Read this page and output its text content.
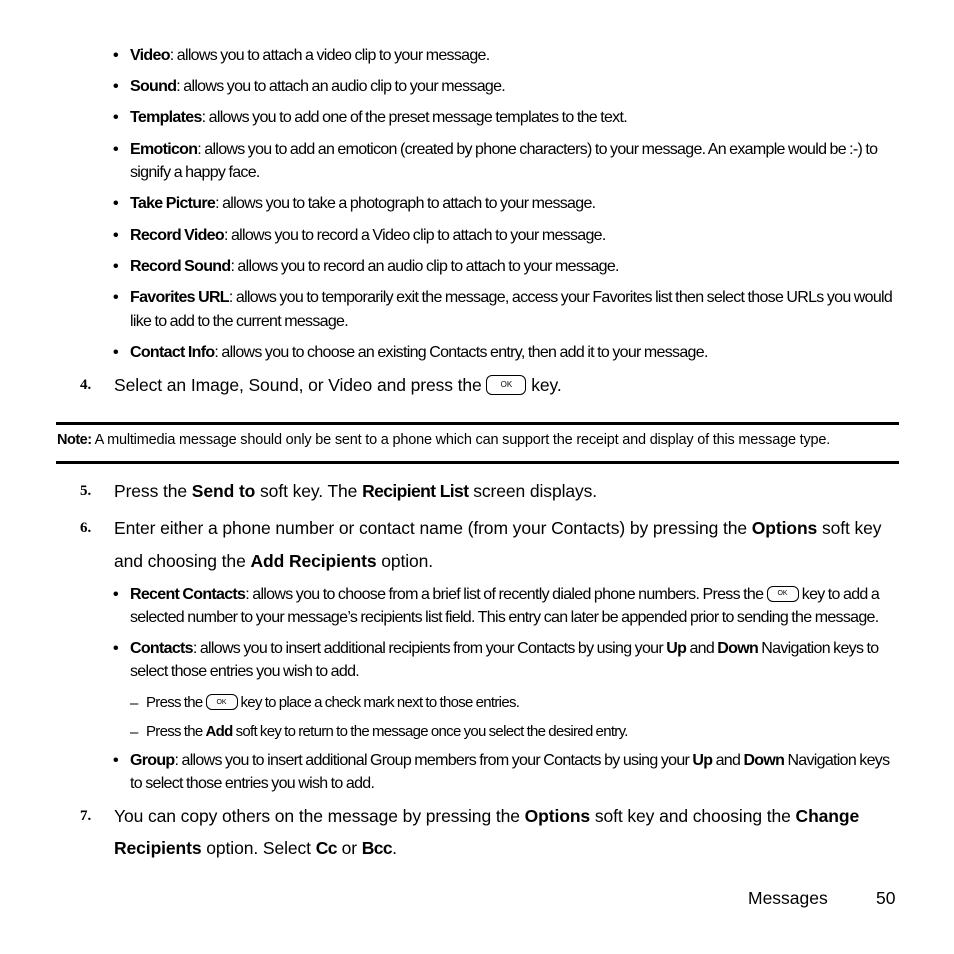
• Video: allows you to attach a video clip to your message.
• Sound: allows you to attach an audio clip to your message.
• Templates: allows you to add one of the preset message templates to the text.
• Emoticon: allows you to add an emoticon (created by phone characters) to your message. An example would be :-) to
signify a happy face.
• Take Picture: allows you to take a photograph to attach to your message.
• Record Video: allows you to record a Video clip to attach to your message.
• Record Sound: allows you to record an audio clip to attach to your message.
• Favorites URL: allows you to temporarily exit the message, access your Favorites list then select those URLs you would
like to add to the current message.
• Contact Info: allows you to choose an existing Contacts entry, then add it to your message.
4. Select an Image, Sound, or Video and press the OK key.
Note: A multimedia message should only be sent to a phone which can support the receipt and display of this message type.
5. Press the Send to soft key. The Recipient List screen displays.
6. Enter either a phone number or contact name (from your Contacts) by pressing the Options soft key
and choosing the Add Recipients option.
• Recent Contacts: allows you to choose from a brief list of recently dialed phone numbers. Press the OK key to add a
selected number to your message’s recipients list field. This entry can later be appended prior to sending the message.
• Contacts: allows you to insert additional recipients from your Contacts by using your Up and Down Navigation keys to
select those entries you wish to add.
– Press the OK key to place a check mark next to those entries.
– Press the Add soft key to return to the message once you select the desired entry.
• Group: allows you to insert additional Group members from your Contacts by using your Up and Down Navigation keys
to select those entries you wish to add.
7. You can copy others on the message by pressing the Options soft key and choosing the Change
Recipients option. Select Cc or Bcc.
Messages	50
